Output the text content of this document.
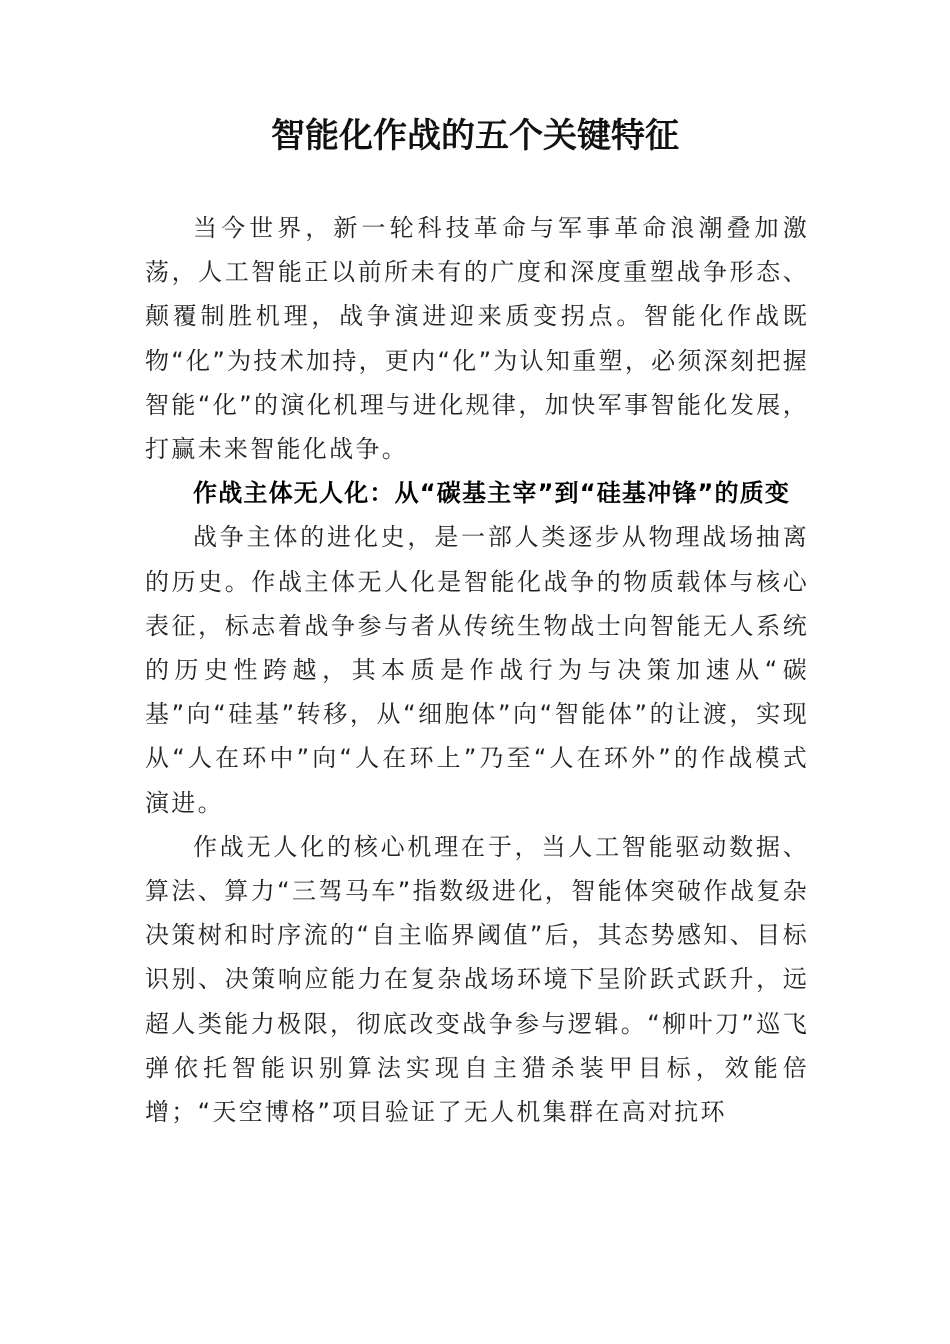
智能化作战的五个关键特征

当今世界，新一轮科技革命与军事革命浪潮叠加激荡，人工智能正以前所未有的广度和深度重塑战争形态、颠覆制胜机理，战争演进迎来质变拐点。智能化作战既物“化”为技术加持，更内“化”为认知重塑，必须深刻把握智能“化”的演化机理与进化规律，加快军事智能化发展，打赢未来智能化战争。

作战主体无人化：从“碳基主宰”到“硅基冲锋”的质变

战争主体的进化史，是一部人类逐步从物理战场抽离的历史。作战主体无人化是智能化战争的物质载体与核心表征，标志着战争参与者从传统生物战士向智能无人系统的历史性跨越，其本质是作战行为与决策加速从“碳基”向“硅基”转移，从“细胞体”向“智能体”的让渡，实现从“人在环中”向“人在环上”乃至“人在环外”的作战模式演进。

作战无人化的核心机理在于，当人工智能驱动数据、算法、算力“三驾马车”指数级进化，智能体突破作战复杂决策树和时序流的“自主临界阈值”后，其态势感知、目标识别、决策响应能力在复杂战场环境下呈阶跃式跃升，远超人类能力极限，彻底改变战争参与逻辑。“柳叶刀”巡飞弹依托智能识别算法实现自主猎杀装甲目标，效能倍增；“天空博格”项目验证了无人机集群在高对抗环
